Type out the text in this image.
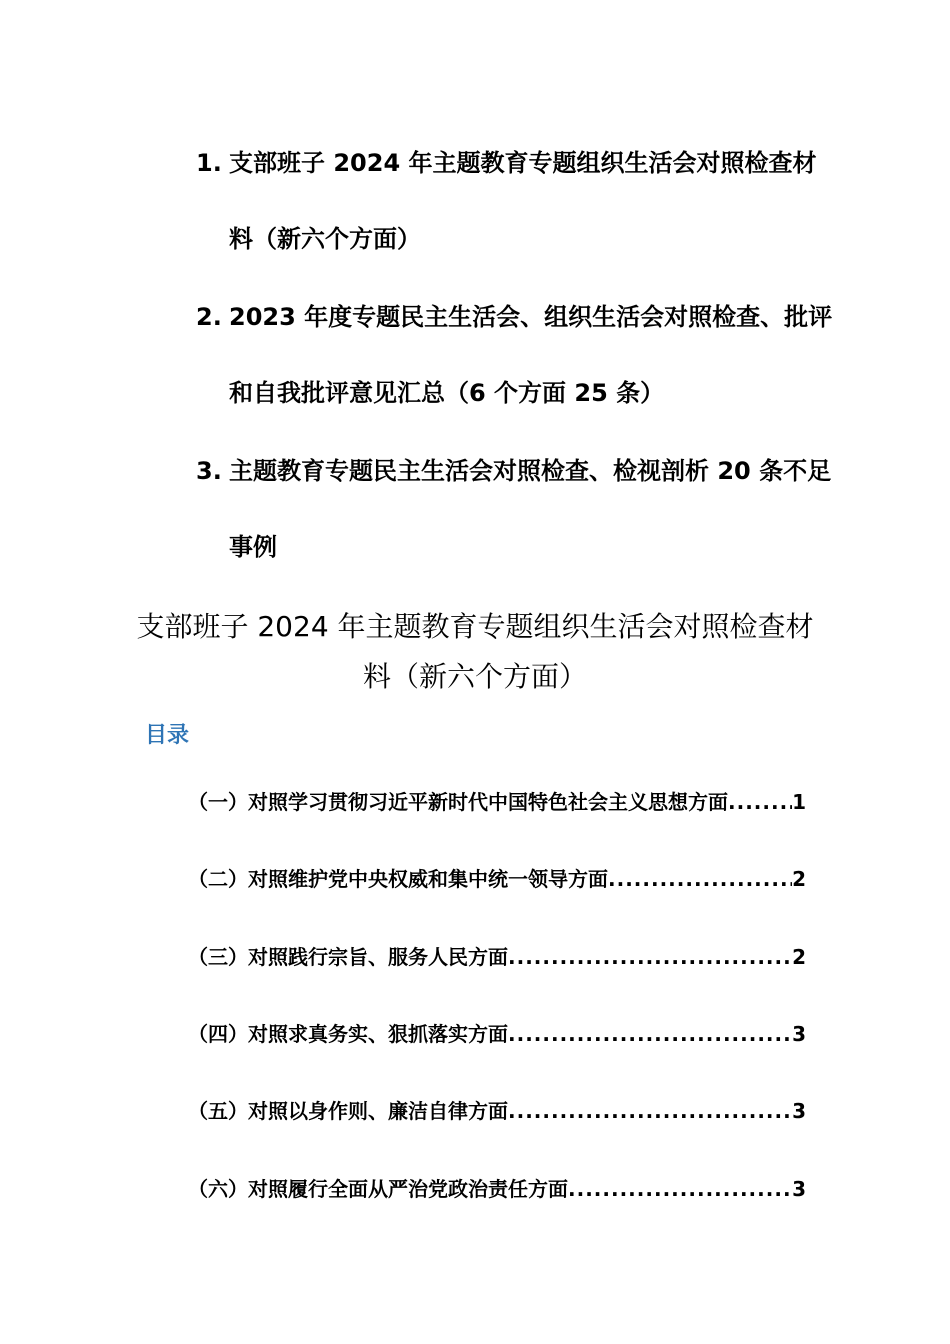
1. 支部班子 2024 年主题教育专题组织生活会对照检查材料（新六个方面）
2. 2023 年度专题民主生活会、组织生活会对照检查、批评和自我批评意见汇总（6 个方面 25 条）
3. 主题教育专题民主生活会对照检查、检视剖析 20 条不足事例
支部班子 2024 年主题教育专题组织生活会对照检查材料（新六个方面）
目录
（一）对照学习贯彻习近平新时代中国特色社会主义思想方面 .....	1
（二）对照维护党中央权威和集中统一领导方面 .....	2
（三）对照践行宗旨、服务人民方面 .....	2
（四）对照求真务实、狠抓落实方面 .....	3
（五）对照以身作则、廉洁自律方面 .....	3
（六）对照履行全面从严治党政治责任方面 .....	3
